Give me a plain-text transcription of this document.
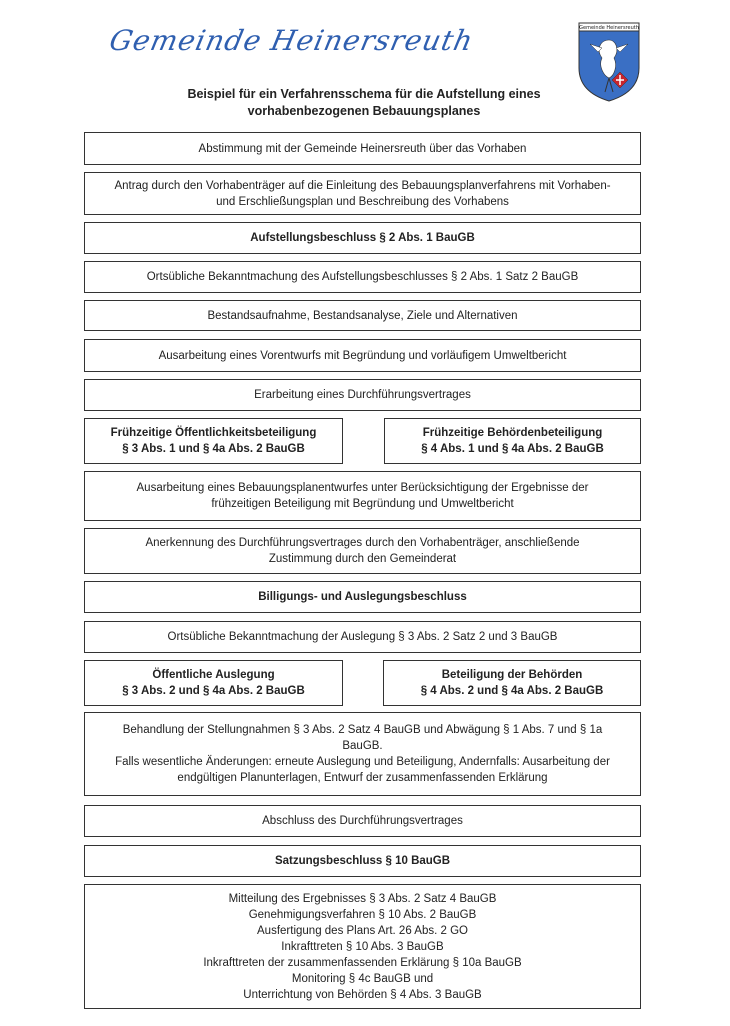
Gemeinde Heinersreuth	Gemeinde Heinersreuth
Beispiel für ein Verfahrensschema für die Aufstellung eines
vorhabenbezogenen Bebauungsplanes
Abstimmung mit der Gemeinde Heinersreuth über das Vorhaben
Antrag durch den Vorhabenträger auf die Einleitung des Bebauungsplanverfahrens mit Vorhaben-
und Erschließungsplan und Beschreibung des Vorhabens
Aufstellungsbeschluss § 2 Abs. 1 BauGB
Ortsübliche Bekanntmachung des Aufstellungsbeschlusses § 2 Abs. 1 Satz 2 BauGB
Bestandsaufnahme, Bestandsanalyse, Ziele und Alternativen
Ausarbeitung eines Vorentwurfs mit Begründung und vorläufigem Umweltbericht
Erarbeitung eines Durchführungsvertrages
Frühzeitige Öffentlichkeitsbeteiligung
§ 3 Abs. 1 und § 4a Abs. 2 BauGB
Frühzeitige Behördenbeteiligung
§ 4 Abs. 1 und § 4a Abs. 2 BauGB
Ausarbeitung eines Bebauungsplanentwurfes unter Berücksichtigung der Ergebnisse der
frühzeitigen Beteiligung mit Begründung und Umweltbericht
Anerkennung des Durchführungsvertrages durch den Vorhabenträger, anschließende
Zustimmung durch den Gemeinderat
Billigungs- und Auslegungsbeschluss
Ortsübliche Bekanntmachung der Auslegung § 3 Abs. 2 Satz 2 und 3 BauGB
Öffentliche Auslegung
§ 3 Abs. 2 und § 4a Abs. 2 BauGB
Beteiligung der Behörden
§ 4 Abs. 2 und § 4a Abs. 2 BauGB
Behandlung der Stellungnahmen § 3 Abs. 2 Satz 4 BauGB und Abwägung § 1 Abs. 7 und § 1a
BauGB.
Falls wesentliche Änderungen: erneute Auslegung und Beteiligung, Andernfalls: Ausarbeitung der
endgültigen Planunterlagen, Entwurf der zusammenfassenden Erklärung
Abschluss des Durchführungsvertrages
Satzungsbeschluss § 10 BauGB
Mitteilung des Ergebnisses § 3 Abs. 2 Satz 4 BauGB
Genehmigungsverfahren § 10 Abs. 2 BauGB
Ausfertigung des Plans Art. 26 Abs. 2 GO
Inkrafttreten § 10 Abs. 3 BauGB
Inkrafttreten der zusammenfassenden Erklärung § 10a BauGB
Monitoring § 4c BauGB und
Unterrichtung von Behörden § 4 Abs. 3 BauGB
